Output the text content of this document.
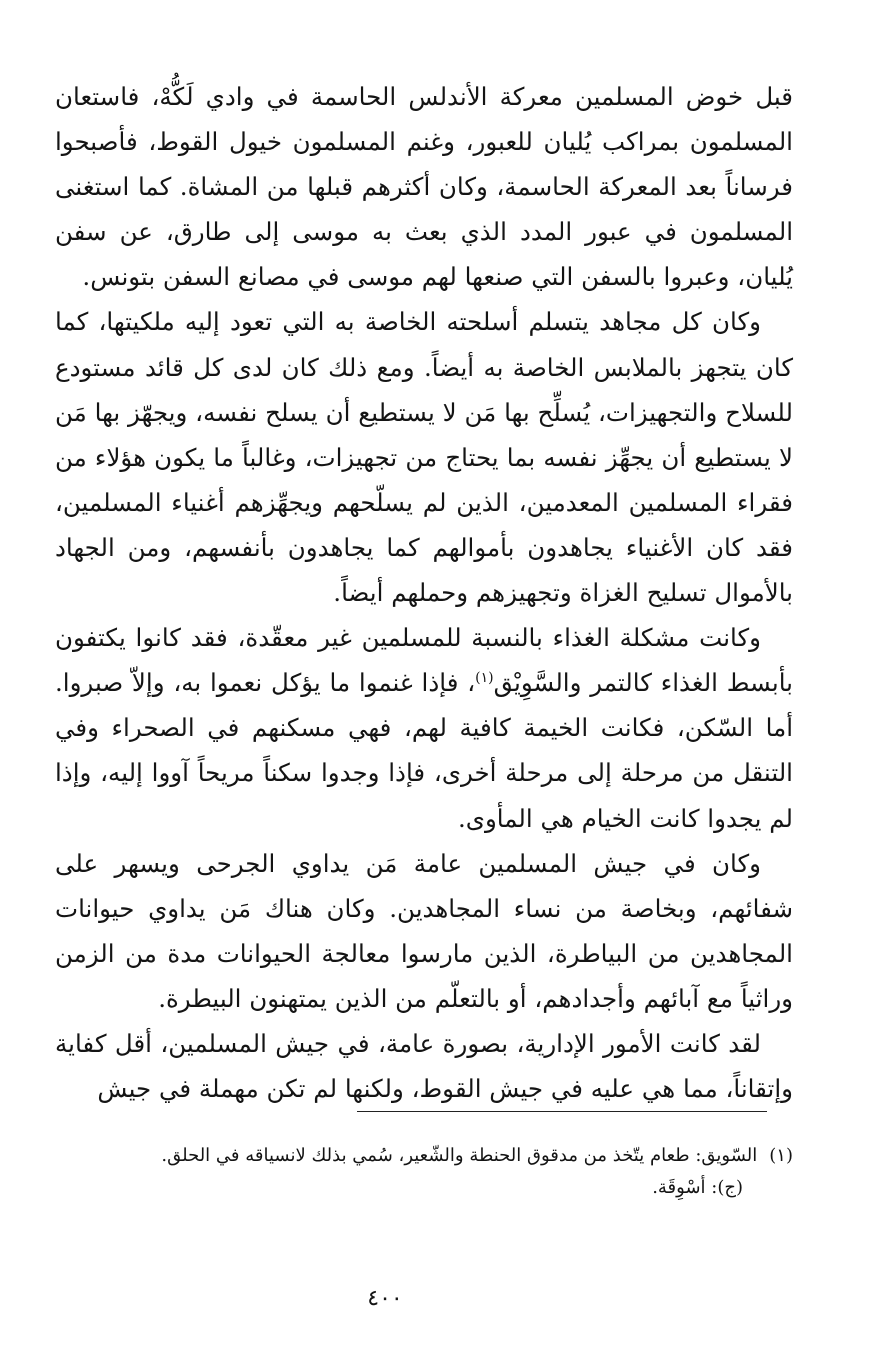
قبل خوض المسلمين معركة الأندلس الحاسمة في وادي لَكُّهْ، فاستعان المسلمون بمراكب يُليان للعبور، وغنم المسلمون خيول القوط، فأصبحوا فرساناً بعد المعركة الحاسمة، وكان أكثرهم قبلها من المشاة. كما استغنى المسلمون في عبور المدد الذي بعث به موسى إلى طارق، عن سفن يُليان، وعبروا بالسفن التي صنعها لهم موسى في مصانع السفن بتونس.

وكان كل مجاهد يتسلم أسلحته الخاصة به التي تعود إليه ملكيتها، كما كان يتجهز بالملابس الخاصة به أيضاً. ومع ذلك كان لدى كل قائد مستودع للسلاح والتجهيزات، يُسلِّح بها مَن لا يستطيع أن يسلح نفسه، ويجهّز بها مَن لا يستطيع أن يجهِّز نفسه بما يحتاج من تجهيزات، وغالباً ما يكون هؤلاء من فقراء المسلمين المعدمين، الذين لم يسلّحهم ويجهِّزهم أغنياء المسلمين، فقد كان الأغنياء يجاهدون بأموالهم كما يجاهدون بأنفسهم، ومن الجهاد بالأموال تسليح الغزاة وتجهيزهم وحملهم أيضاً.

وكانت مشكلة الغذاء بالنسبة للمسلمين غير معقّدة، فقد كانوا يكتفون بأبسط الغذاء كالتمر والسَّوِيْق$^{(١)}$، فإذا غنموا ما يؤكل نعموا به، وإلاّ صبروا. أما السّكن، فكانت الخيمة كافية لهم، فهي مسكنهم في الصحراء وفي التنقل من مرحلة إلى مرحلة أخرى، فإذا وجدوا سكناً مريحاً آووا إليه، وإذا لم يجدوا كانت الخيام هي المأوى.

وكان في جيش المسلمين عامة مَن يداوي الجرحى ويسهر على شفائهم، وبخاصة من نساء المجاهدين. وكان هناك مَن يداوي حيوانات المجاهدين من البياطرة، الذين مارسوا معالجة الحيوانات مدة من الزمن وراثياً مع آبائهم وأجدادهم، أو بالتعلّم من الذين يمتهنون البيطرة.

لقد كانت الأمور الإدارية، بصورة عامة، في جيش المسلمين، أقل كفاية وإتقاناً، مما هي عليه في جيش القوط، ولكنها لم تكن مهملة في جيش

(١)السّويق: طعام يتّخذ من مدقوق الحنطة والشّعير، سُمي بذلك لانسياقه في الحلق.
(ج): أسْوِقَة.
٤٠٠
